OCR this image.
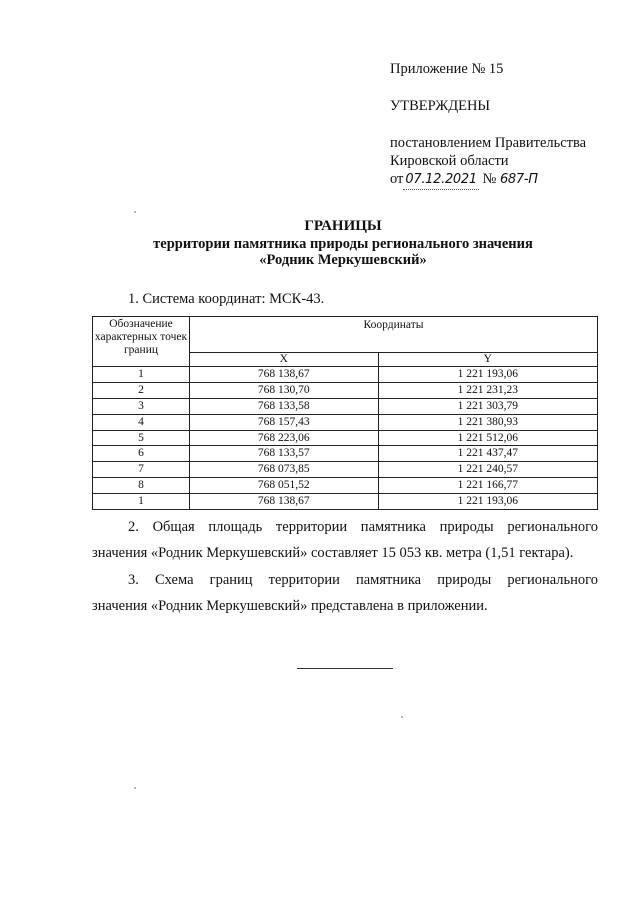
Приложение № 15
УТВЕРЖДЕНЫ
постановлением Правительства
Кировской области
от 07.12.2021 № 687-П
ГРАНИЦЫ
территории памятника природы регионального значения
«Родник Меркушевский»
1. Система координат: МСК-43.
Обозначение характерных точек границ	Координаты	
	X	Y
1	768 138,67	1 221 193,06
2	768 130,70	1 221 231,23
3	768 133,58	1 221 303,79
4	768 157,43	1 221 380,93
5	768 223,06	1 221 512,06
6	768 133,57	1 221 437,47
7	768 073,85	1 221 240,57
8	768 051,52	1 221 166,77
1	768 138,67	1 221 193,06
2. Общая площадь территории памятника природы регионального
значения «Родник Меркушевский» составляет 15 053 кв. метра (1,51 гектара).
3. Схема границ территории памятника природы регионального
значения «Родник Меркушевский» представлена в приложении.
